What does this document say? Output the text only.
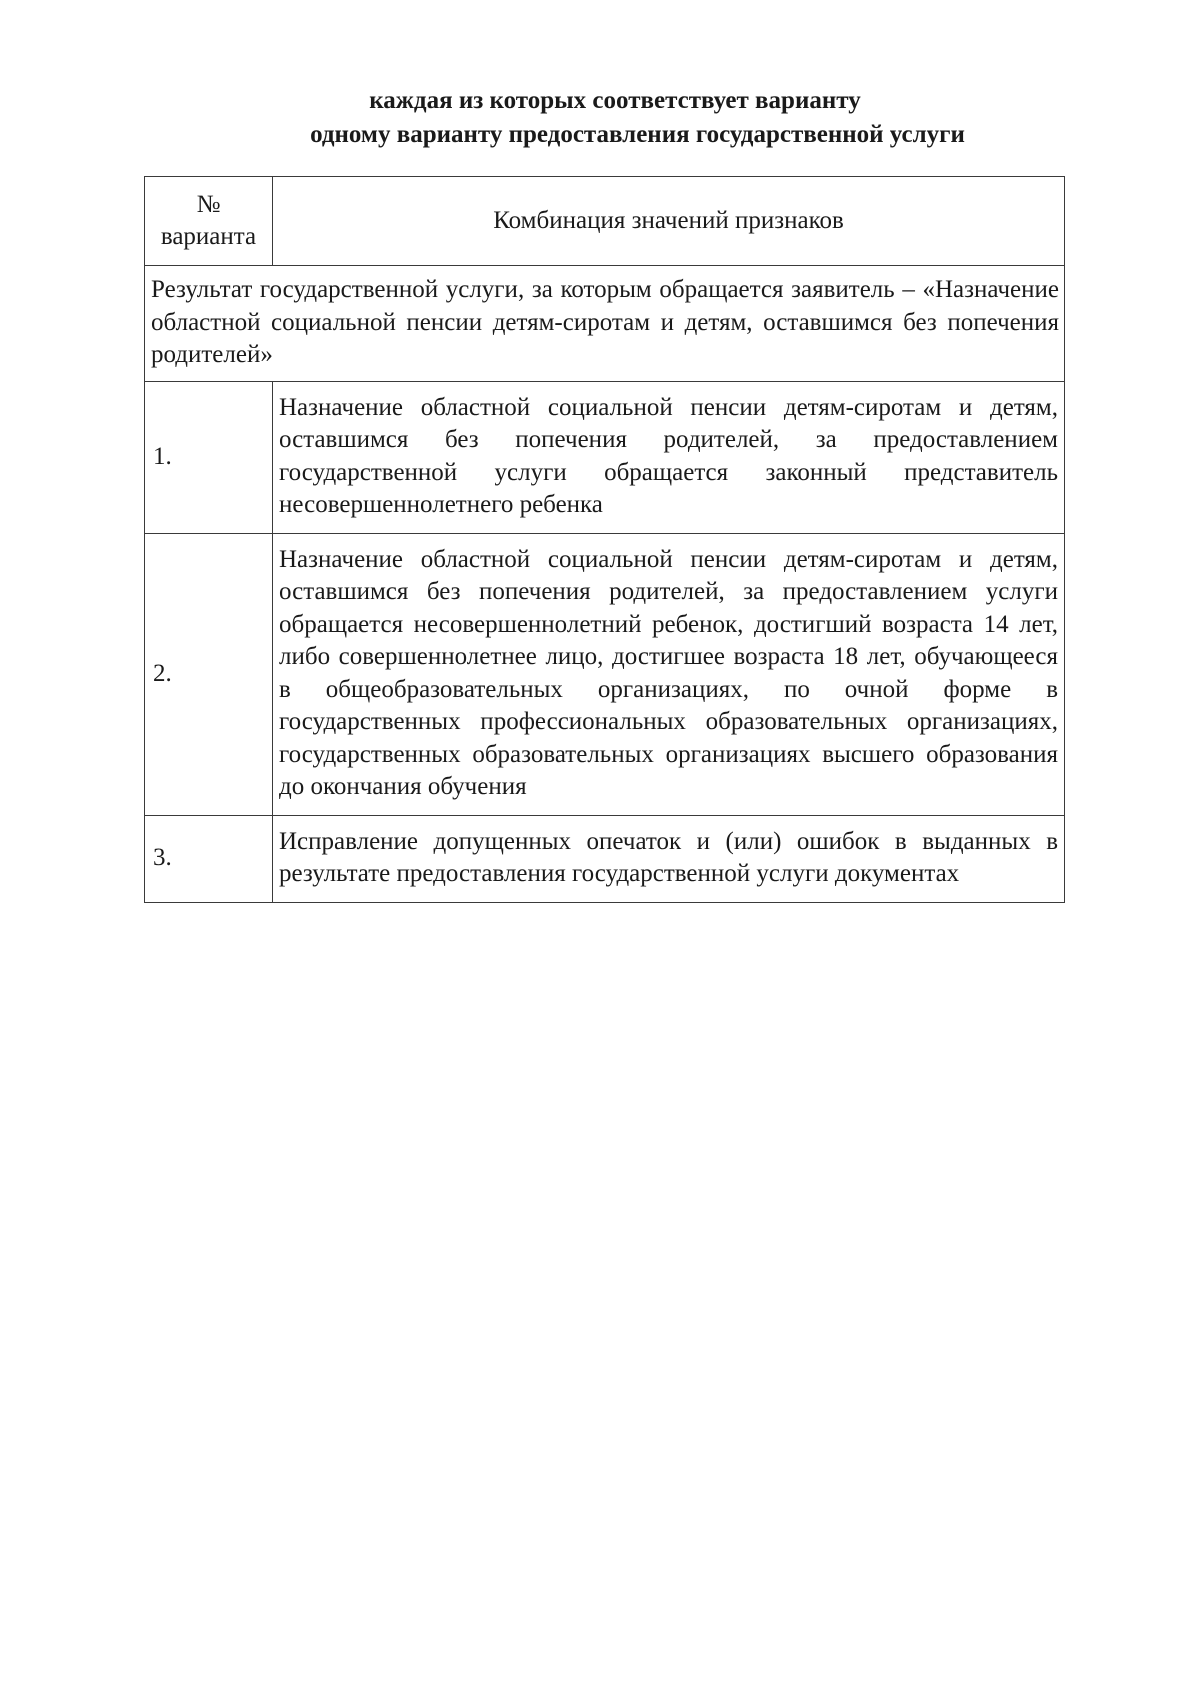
каждая из которых соответствует варианту
одному варианту предоставления государственной услуги
№
варианта	Комбинация значений признаков
Результат государственной услуги, за которым обращается заявитель – «Назначение областной социальной пенсии детям-сиротам и детям, оставшимся без попечения родителей»	
1.	Назначение областной социальной пенсии детям-сиротам и детям, оставшимся без попечения родителей, за предоставлением государственной услуги обращается законный представитель несовершеннолетнего ребенка
2.	Назначение областной социальной пенсии детям-сиротам и детям, оставшимся без попечения родителей, за предоставлением услуги обращается несовершеннолетний ребенок, достигший возраста 14 лет, либо совершеннолетнее лицо, достигшее возраста 18 лет, обучающееся в общеобразовательных организациях, по очной форме в государственных профессиональных образовательных организациях, государственных образовательных организациях высшего образования до окончания обучения
3.	Исправление допущенных опечаток и (или) ошибок в выданных в результате предоставления государственной услуги документах
